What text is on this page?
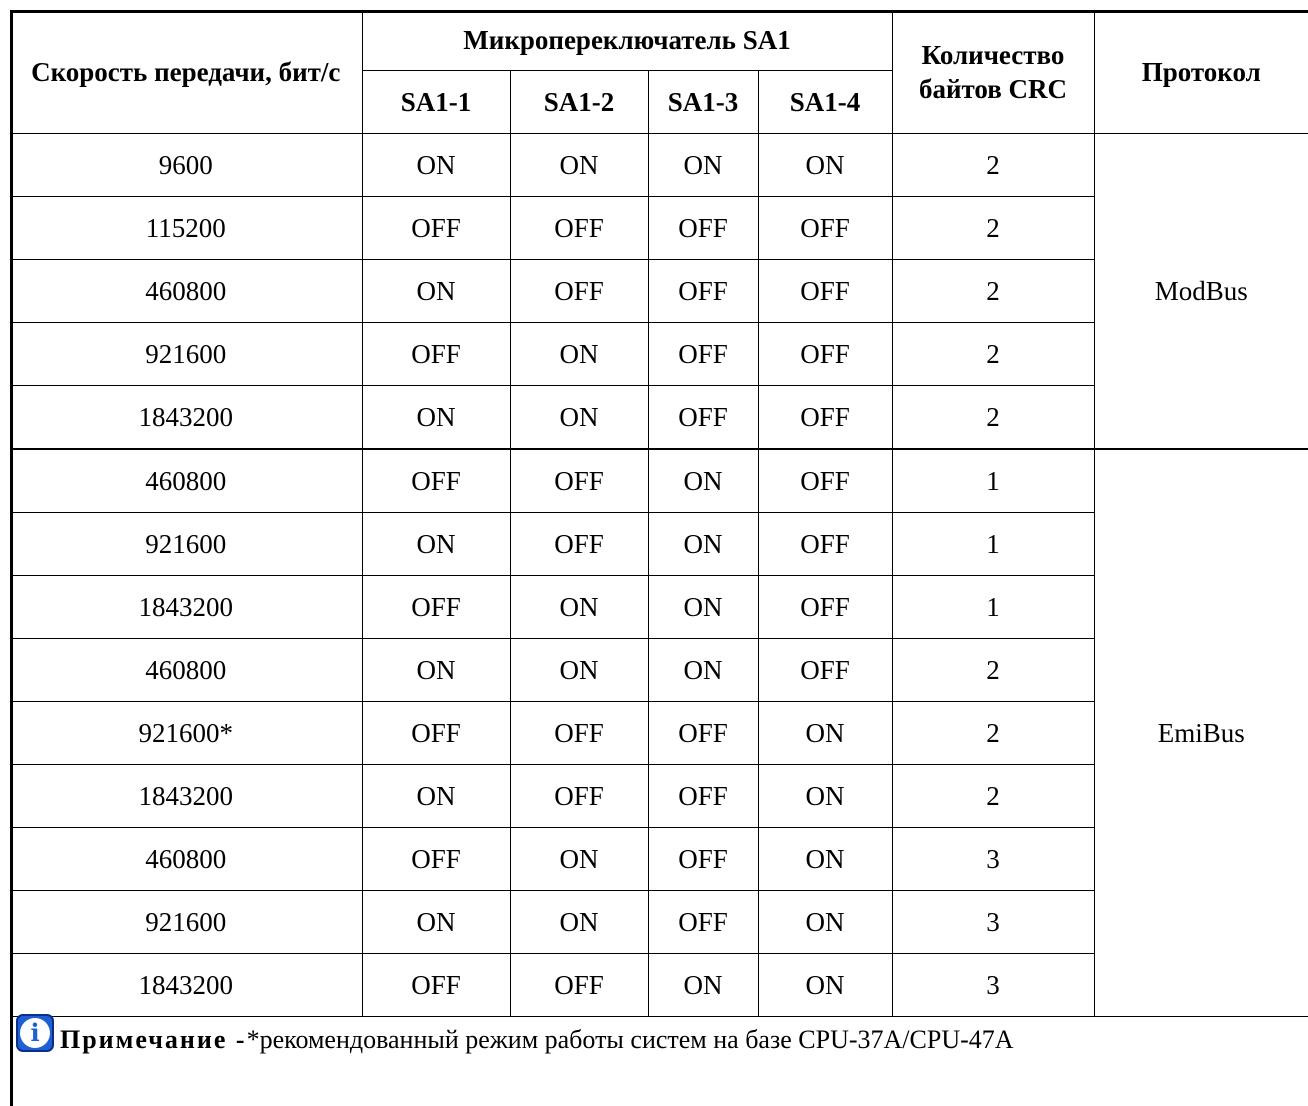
Скорость передачи, бит/с	Микропереключатель SA1				Количество байтов CRC	Протокол
	SA1-1	SA1-2	SA1-3	SA1-4		
9600	ON	ON	ON	ON	2	ModBus
115200	OFF	OFF	OFF	OFF	2	
460800	ON	OFF	OFF	OFF	2	
921600	OFF	ON	OFF	OFF	2	
1843200	ON	ON	OFF	OFF	2	
460800	OFF	OFF	ON	OFF	1	EmiBus
921600	ON	OFF	ON	OFF	1	
1843200	OFF	ON	ON	OFF	1	
460800	ON	ON	ON	OFF	2	
921600*	OFF	OFF	OFF	ON	2	
1843200	ON	OFF	OFF	ON	2	
460800	OFF	ON	OFF	ON	3	
921600	ON	ON	OFF	ON	3	
1843200	OFF	OFF	ON	ON	3	
i Примечание - *рекомендованный режим работы систем на базе CPU-37A/CPU-47A
